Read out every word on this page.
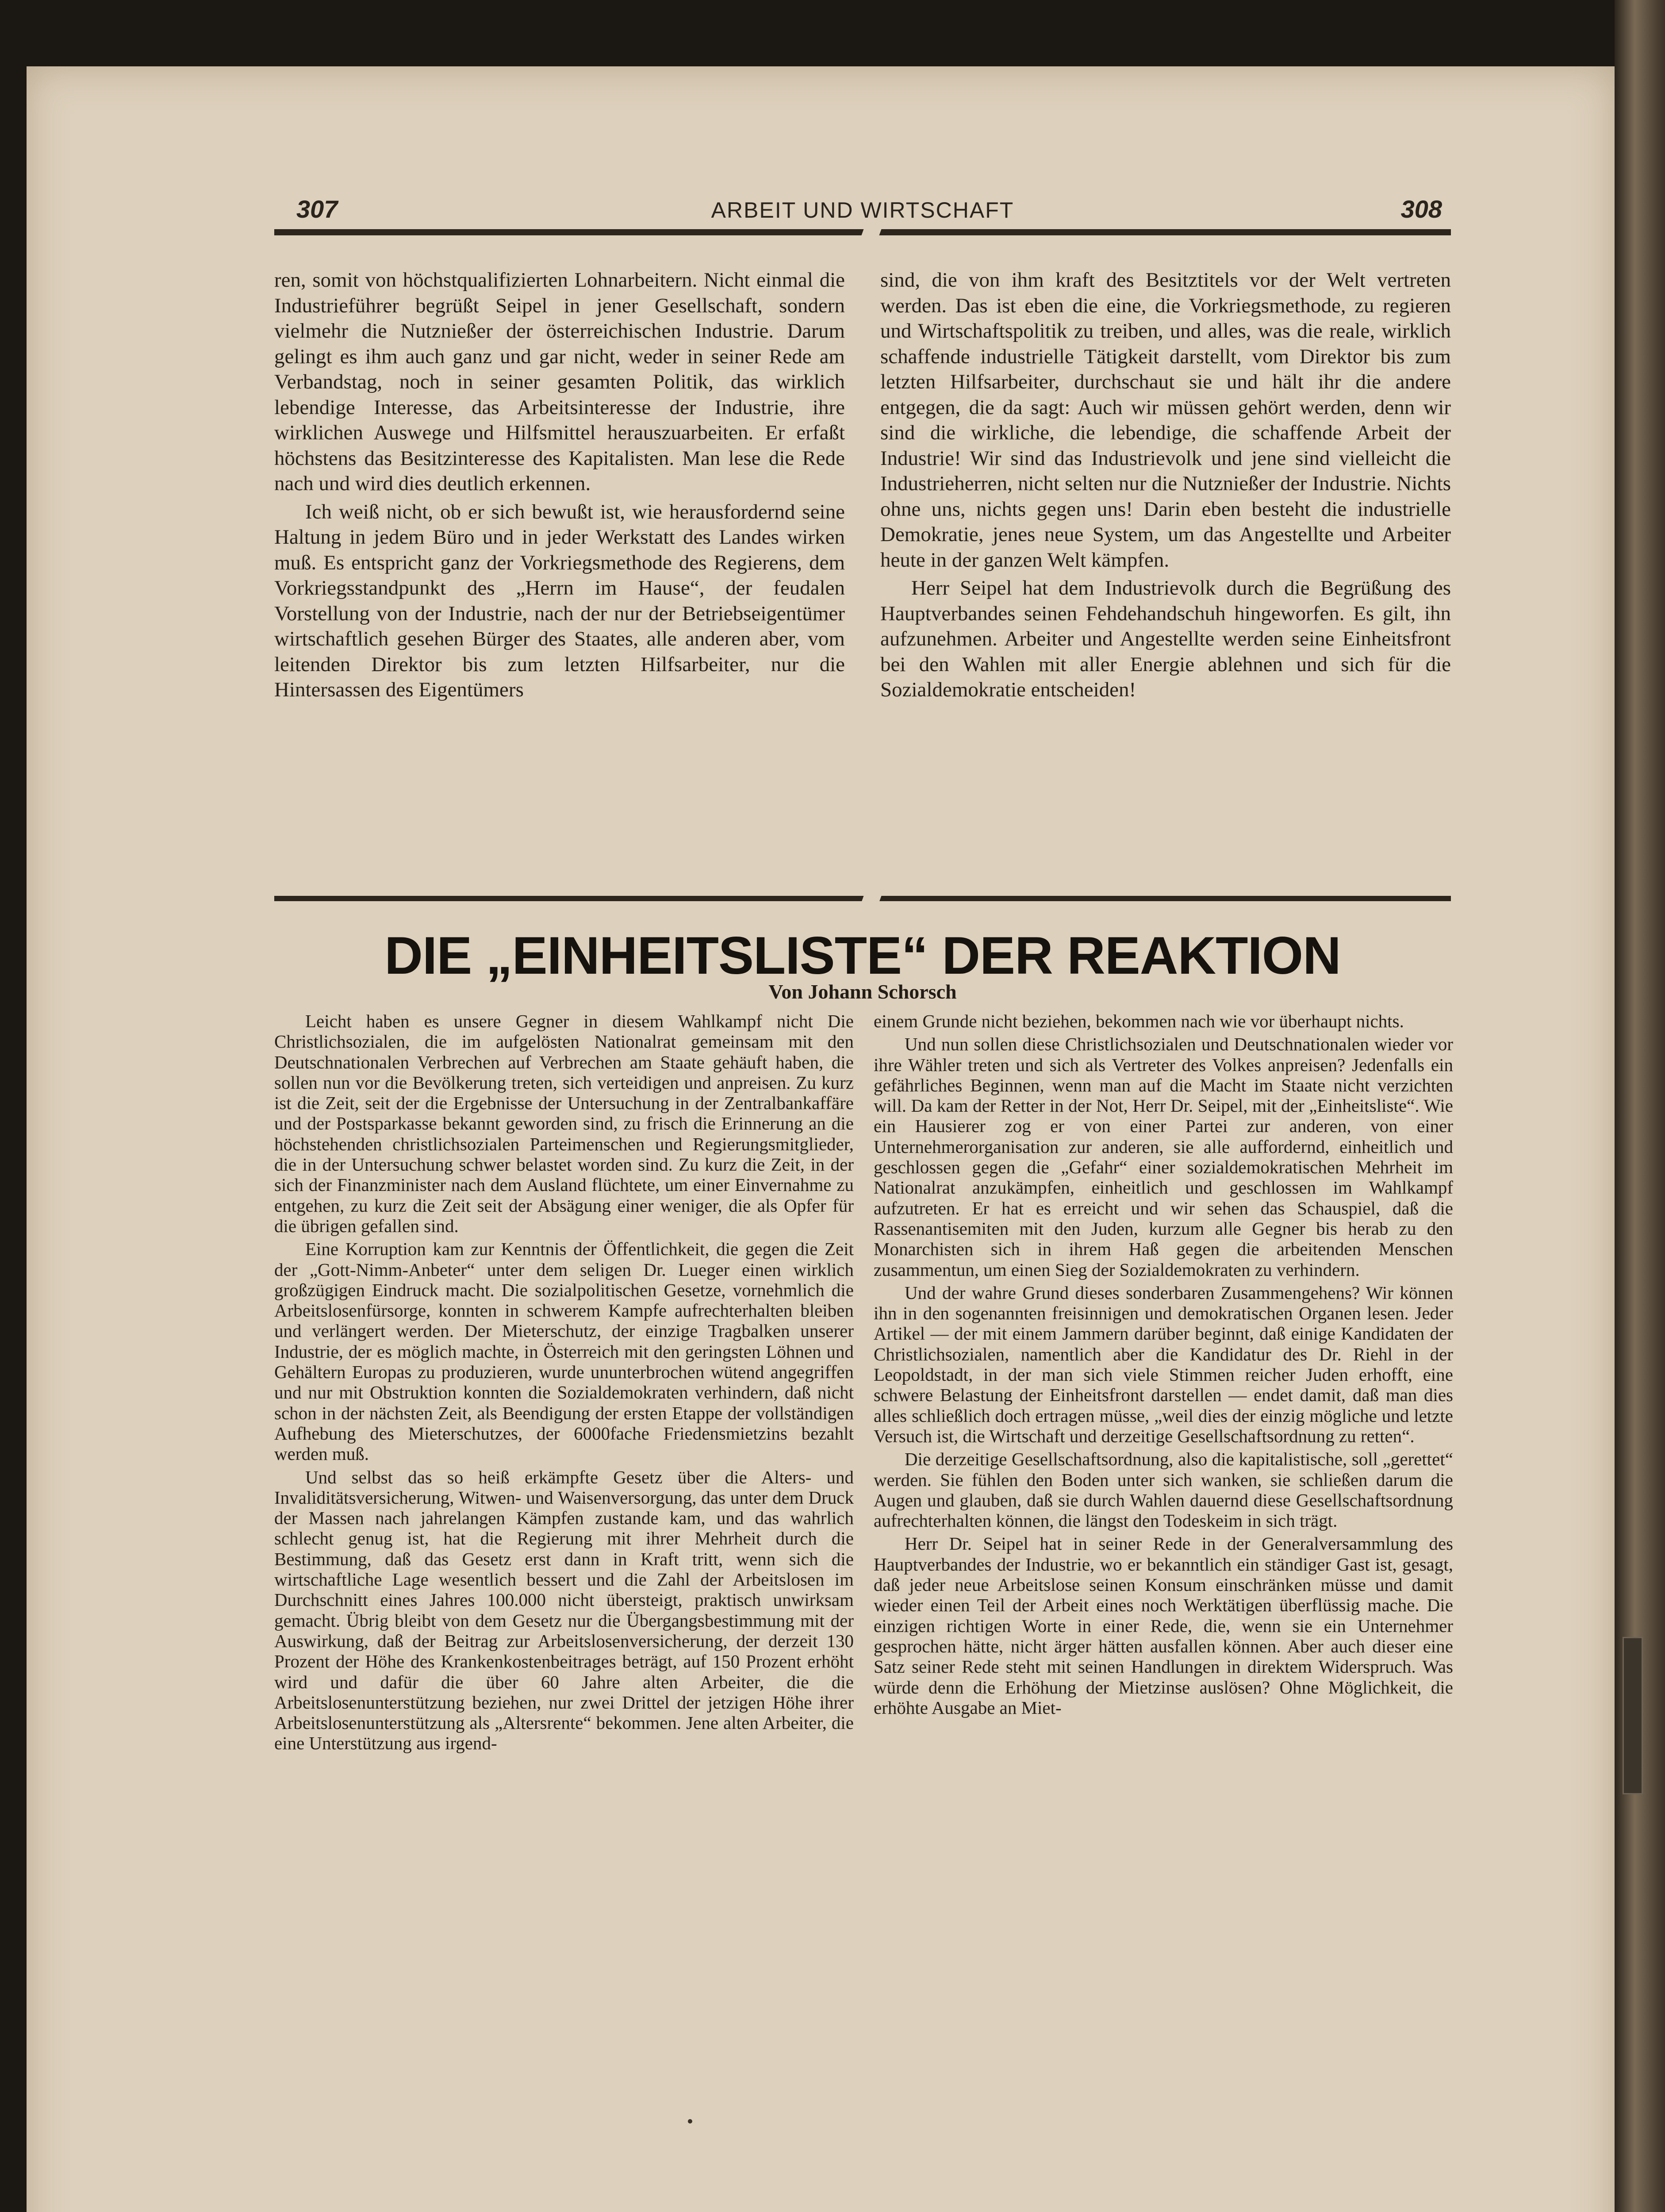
307	ARBEIT UND WIRTSCHAFT	308

ren, somit von höchstqualifizierten Lohnarbeitern. Nicht einmal die Industrieführer begrüßt Seipel in jener Gesellschaft, sondern vielmehr die Nutznießer der österreichischen Industrie. Darum gelingt es ihm auch ganz und gar nicht, weder in seiner Rede am Verbandstag, noch in seiner gesamten Politik, das wirklich lebendige Interesse, das Arbeitsinteresse der Industrie, ihre wirklichen Auswege und Hilfsmittel herauszuarbeiten. Er erfaßt höchstens das Besitzinteresse des Kapitalisten. Man lese die Rede nach und wird dies deutlich erkennen.

Ich weiß nicht, ob er sich bewußt ist, wie herausfordernd seine Haltung in jedem Büro und in jeder Werkstatt des Landes wirken muß. Es entspricht ganz der Vorkriegsmethode des Regierens, dem Vorkriegsstandpunkt des „Herrn im Hause“, der feudalen Vorstellung von der Industrie, nach der nur der Betriebseigentümer wirtschaftlich gesehen Bürger des Staates, alle anderen aber, vom leitenden Direktor bis zum letzten Hilfsarbeiter, nur die Hintersassen des Eigentümers

sind, die von ihm kraft des Besitztitels vor der Welt vertreten werden. Das ist eben die eine, die Vorkriegsmethode, zu regieren und Wirtschaftspolitik zu treiben, und alles, was die reale, wirklich schaffende industrielle Tätigkeit darstellt, vom Direktor bis zum letzten Hilfsarbeiter, durchschaut sie und hält ihr die andere entgegen, die da sagt: Auch wir müssen gehört werden, denn wir sind die wirkliche, die lebendige, die schaffende Arbeit der Industrie! Wir sind das Industrievolk und jene sind vielleicht die Industrieherren, nicht selten nur die Nutznießer der Industrie. Nichts ohne uns, nichts gegen uns! Darin eben besteht die industrielle Demokratie, jenes neue System, um das Angestellte und Arbeiter heute in der ganzen Welt kämpfen.

Herr Seipel hat dem Industrievolk durch die Begrüßung des Hauptverbandes seinen Fehdehandschuh hingeworfen. Es gilt, ihn aufzunehmen. Arbeiter und Angestellte werden seine Einheitsfront bei den Wahlen mit aller Energie ablehnen und sich für die Sozialdemokratie entscheiden!

DIE „EINHEITSLISTE“ DER REAKTION
Von Johann Schorsch

Leicht haben es unsere Gegner in diesem Wahlkampf nicht Die Christlichsozialen, die im aufgelösten Nationalrat gemeinsam mit den Deutschnationalen Verbrechen auf Verbrechen am Staate gehäuft haben, die sollen nun vor die Bevölkerung treten, sich verteidigen und anpreisen. Zu kurz ist die Zeit, seit der die Ergebnisse der Untersuchung in der Zentralbankaffäre und der Postsparkasse bekannt geworden sind, zu frisch die Erinnerung an die höchstehenden christlichsozialen Parteimenschen und Regierungsmitglieder, die in der Untersuchung schwer belastet worden sind. Zu kurz die Zeit, in der sich der Finanzminister nach dem Ausland flüchtete, um einer Einvernahme zu entgehen, zu kurz die Zeit seit der Absägung einer weniger, die als Opfer für die übrigen gefallen sind.

Eine Korruption kam zur Kenntnis der Öffentlichkeit, die gegen die Zeit der „Gott-Nimm-Anbeter“ unter dem seligen Dr. Lueger einen wirklich großzügigen Eindruck macht. Die sozialpolitischen Gesetze, vornehmlich die Arbeitslosenfürsorge, konnten in schwerem Kampfe aufrechterhalten bleiben und verlängert werden. Der Mieterschutz, der einzige Tragbalken unserer Industrie, der es möglich machte, in Österreich mit den geringsten Löhnen und Gehältern Europas zu produzieren, wurde ununterbrochen wütend angegriffen und nur mit Obstruktion konnten die Sozialdemokraten verhindern, daß nicht schon in der nächsten Zeit, als Beendigung der ersten Etappe der vollständigen Aufhebung des Mieterschutzes, der 6000fache Friedensmietzins bezahlt werden muß.

Und selbst das so heiß erkämpfte Gesetz über die Alters- und Invaliditätsversicherung, Witwen- und Waisenversorgung, das unter dem Druck der Massen nach jahrelangen Kämpfen zustande kam, und das wahrlich schlecht genug ist, hat die Regierung mit ihrer Mehrheit durch die Bestimmung, daß das Gesetz erst dann in Kraft tritt, wenn sich die wirtschaftliche Lage wesentlich bessert und die Zahl der Arbeitslosen im Durchschnitt eines Jahres 100.000 nicht übersteigt, praktisch unwirksam gemacht. Übrig bleibt von dem Gesetz nur die Übergangsbestimmung mit der Auswirkung, daß der Beitrag zur Arbeitslosenversicherung, der derzeit 130 Prozent der Höhe des Krankenkostenbeitrages beträgt, auf 150 Prozent erhöht wird und dafür die über 60 Jahre alten Arbeiter, die die Arbeitslosenunterstützung beziehen, nur zwei Drittel der jetzigen Höhe ihrer Arbeitslosenunterstützung als „Altersrente“ bekommen. Jene alten Arbeiter, die eine Unterstützung aus irgend-

einem Grunde nicht beziehen, bekommen nach wie vor überhaupt nichts.

Und nun sollen diese Christlichsozialen und Deutschnationalen wieder vor ihre Wähler treten und sich als Vertreter des Volkes anpreisen? Jedenfalls ein gefährliches Beginnen, wenn man auf die Macht im Staate nicht verzichten will. Da kam der Retter in der Not, Herr Dr. Seipel, mit der „Einheitsliste“. Wie ein Hausierer zog er von einer Partei zur anderen, von einer Unternehmerorganisation zur anderen, sie alle auffordernd, einheitlich und geschlossen gegen die „Gefahr“ einer sozialdemokratischen Mehrheit im Nationalrat anzukämpfen, einheitlich und geschlossen im Wahlkampf aufzutreten. Er hat es erreicht und wir sehen das Schauspiel, daß die Rassenantisemiten mit den Juden, kurzum alle Gegner bis herab zu den Monarchisten sich in ihrem Haß gegen die arbeitenden Menschen zusammentun, um einen Sieg der Sozialdemokraten zu verhindern.

Und der wahre Grund dieses sonderbaren Zusammengehens? Wir können ihn in den sogenannten freisinnigen und demokratischen Organen lesen. Jeder Artikel — der mit einem Jammern darüber beginnt, daß einige Kandidaten der Christlichsozialen, namentlich aber die Kandidatur des Dr. Riehl in der Leopoldstadt, in der man sich viele Stimmen reicher Juden erhofft, eine schwere Belastung der Einheitsfront darstellen — endet damit, daß man dies alles schließlich doch ertragen müsse, „weil dies der einzig mögliche und letzte Versuch ist, die Wirtschaft und derzeitige Gesellschaftsordnung zu retten“.

Die derzeitige Gesellschaftsordnung, also die kapitalistische, soll „gerettet“ werden. Sie fühlen den Boden unter sich wanken, sie schließen darum die Augen und glauben, daß sie durch Wahlen dauernd diese Gesellschaftsordnung aufrechterhalten können, die längst den Todeskeim in sich trägt.

Herr Dr. Seipel hat in seiner Rede in der Generalversammlung des Hauptverbandes der Industrie, wo er bekanntlich ein ständiger Gast ist, gesagt, daß jeder neue Arbeitslose seinen Konsum einschränken müsse und damit wieder einen Teil der Arbeit eines noch Werktätigen überflüssig mache. Die einzigen richtigen Worte in einer Rede, die, wenn sie ein Unternehmer gesprochen hätte, nicht ärger hätten ausfallen können. Aber auch dieser eine Satz seiner Rede steht mit seinen Handlungen in direktem Widerspruch. Was würde denn die Erhöhung der Mietzinse auslösen? Ohne Möglichkeit, die erhöhte Ausgabe an Miet-
